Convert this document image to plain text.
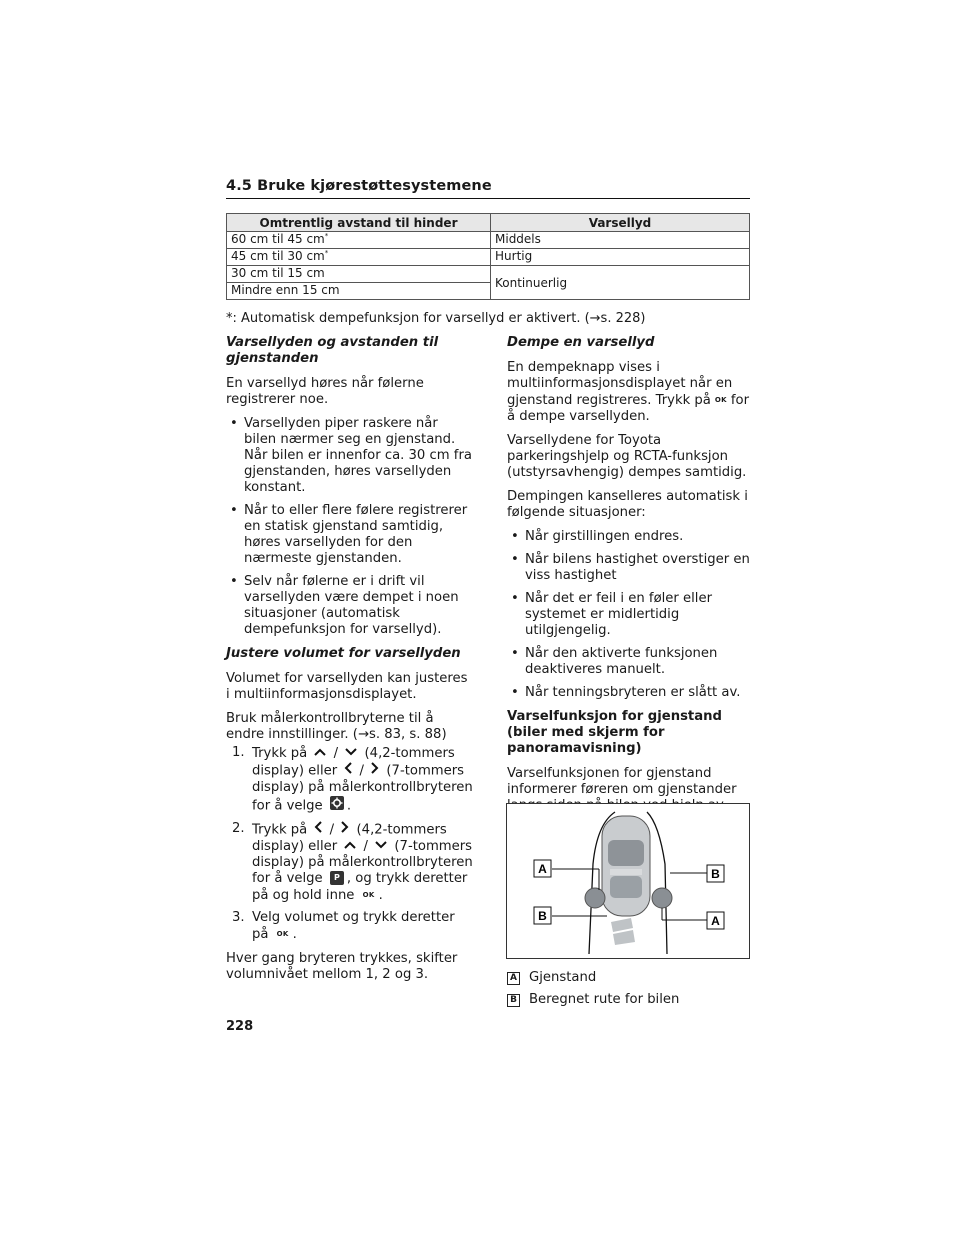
4.5 Bruke kjørestøttesystemene
Omtrentlig avstand til hinder	Varsellyd
60 cm til 45 cm*	Middels
45 cm til 30 cm*	Hurtig
30 cm til 15 cm	Kontinuerlig
Mindre enn 15 cm	
*: Automatisk dempefunksjon for varsellyd er aktivert. (→s. 228)

Varsellyden og avstanden til gjenstanden

En varsellyd høres når følerne registrerer noe.

• Varsellyden piper raskere når bilen nærmer seg en gjenstand. Når bilen er innenfor ca. 30 cm fra gjenstanden, høres varsellyden konstant.
• Når to eller flere følere registrerer en statisk gjenstand samtidig, høres varsellyden for den nærmeste gjenstanden.
• Selv når følerne er i drift vil varsellyden være dempet i noen situasjoner (automatisk dempefunksjon for varsellyd).

Justere volumet for varsellyden

Volumet for varsellyden kan justeres i multiinformasjonsdisplayet.

Bruk målerkontrollbryterne til å endre innstillinger. (→s. 83, s. 88)

1. Trykk på / (4,2-tommers display) eller / (7-tommers display) på målerkontrollbryteren for å velge .
2. Trykk på / (4,2-tommers display) eller / (7-tommers display) på målerkontrollbryteren for å velge P , og trykk deretter på og hold inne OK .
3. Velg volumet og trykk deretter på OK .

Hver gang bryteren trykkes, skifter volumnivået mellom 1, 2 og 3.

Dempe en varsellyd

En dempeknapp vises i multiinformasjonsdisplayet når en gjenstand registreres. Trykk på OK for å dempe varsellyden.

Varsellydene for Toyota parkeringshjelp og RCTA-funksjon (utstyrsavhengig) dempes samtidig.

Dempingen kanselleres automatisk i følgende situasjoner:

• Når girstillingen endres.
• Når bilens hastighet overstiger en viss hastighet
• Når det er feil i en føler eller systemet er midlertidig utilgjengelig.
• Når den aktiverte funksjonen deaktiveres manuelt.
• Når tenningsbryteren er slått av.

Varselfunksjon for gjenstand (biler med skjerm for panoramavisning)

Varselfunksjonen for gjenstand informerer føreren om gjenstander

A
B
B
A
A Gjenstand
B Beregnet rute for bilen
228
